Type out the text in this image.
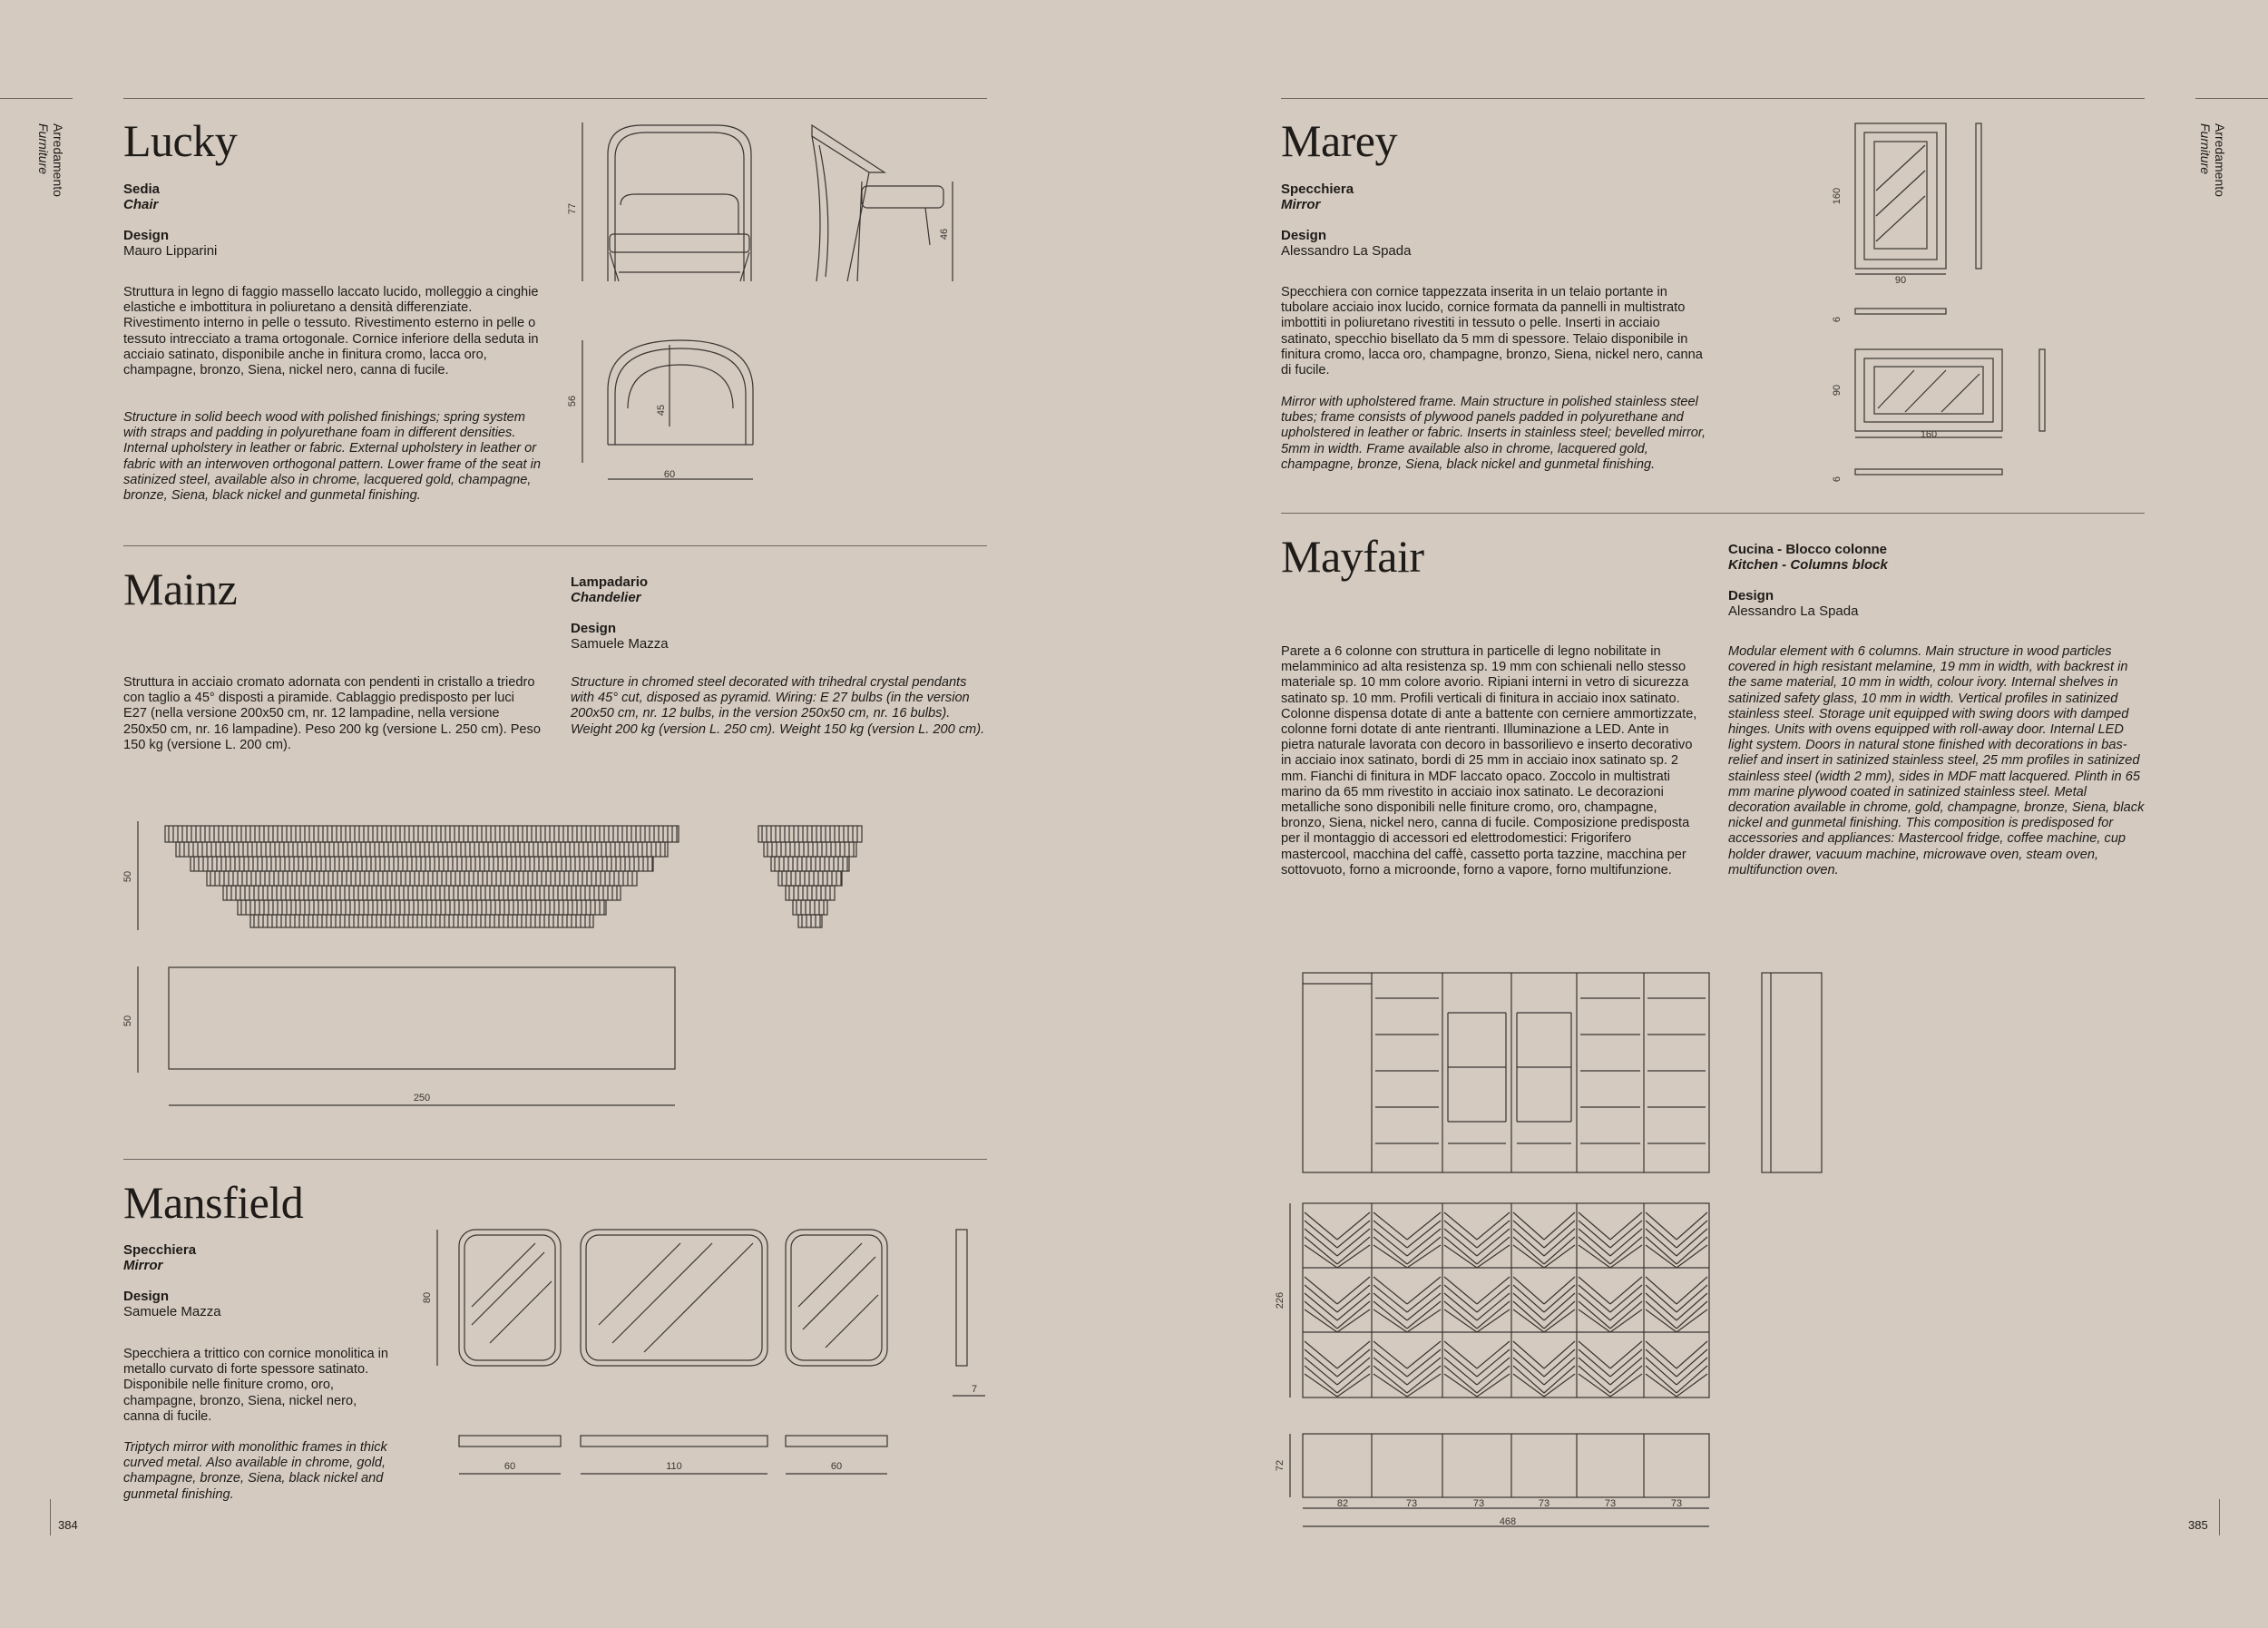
Arredamento
Furniture
384
Arredamento
Furniture
385
Lucky
Sedia
Chair
Design
Mauro Lipparini
Struttura in legno di faggio massello laccato lucido, molleggio a cinghie elastiche e imbottitura in poliuretano a densità differenziate. Rivestimento interno in pelle o tessuto. Rivestimento esterno in pelle o tessuto intrecciato a trama ortogonale. Cornice inferiore della seduta in acciaio satinato, disponibile anche in finitura cromo, lacca oro, champagne, bronzo, Siena, nickel nero, canna di fucile.
Structure in solid beech wood with polished finishings; spring system with straps and padding in polyurethane foam in different densities. Internal upholstery in leather or fabric. External upholstery in leather or fabric with an interwoven orthogonal pattern. Lower frame of the seat in satinized steel, available also in chrome, lacquered gold, champagne, bronze, Siena, black nickel and gunmetal finishing.
77
46
56
45
60
Mainz	Lampadario
Chandelier
Design
Samuele Mazza
Struttura in acciaio cromato adornata con pendenti in cristallo a triedro con taglio a 45° disposti a piramide. Cablaggio predisposto per luci E27 (nella versione 200x50 cm, nr. 12 lampadine, nella versione 250x50 cm, nr. 16 lampadine). Peso 200 kg (versione L. 250 cm). Peso 150 kg (versione L. 200 cm).
Structure in chromed steel decorated with trihedral crystal pendants with 45° cut, disposed as pyramid. Wiring: E 27 bulbs (in the version 200x50 cm, nr. 12 bulbs, in the version 250x50 cm, nr. 16 bulbs). Weight 200 kg (version L. 250 cm). Weight 150 kg (version L. 200 cm).
50
50
250
Mansfield
Specchiera
Mirror
Design
Samuele Mazza
Specchiera a trittico con cornice monolitica in metallo curvato di forte spessore satinato. Disponibile nelle finiture cromo, oro, champagne, bronzo, Siena, nickel nero, canna di fucile.
Triptych mirror with monolithic frames in thick curved metal. Also available in chrome, gold, champagne, bronze, Siena, black nickel and gunmetal finishing.
80
7
60	110	60
Marey
Specchiera
Mirror
Design
Alessandro La Spada
Specchiera con cornice tappezzata inserita in un telaio portante in tubolare acciaio inox lucido, cornice formata da pannelli in multistrato imbottiti in poliuretano rivestiti in tessuto o pelle. Inserti in acciaio satinato, specchio bisellato da 5 mm di spessore. Telaio disponibile in finitura cromo, lacca oro, champagne, bronzo, Siena, nickel nero, canna di fucile.
Mirror with upholstered frame. Main structure in polished stainless steel tubes; frame consists of plywood panels padded in polyurethane and upholstered in leather or fabric. Inserts in stainless steel; bevelled mirror, 5mm in width. Frame available also in chrome, lacquered gold, champagne, bronze, Siena, black nickel and gunmetal finishing.
160
90
6
90
160
6
Mayfair	Cucina - Blocco colonne
Kitchen - Columns block
Design
Alessandro La Spada
Parete a 6 colonne con struttura in particelle di legno nobilitate in melamminico ad alta resistenza sp. 19 mm con schienali nello stesso materiale sp. 10 mm colore avorio. Ripiani interni in vetro di sicurezza satinato sp. 10 mm. Profili verticali di finitura in acciaio inox satinato. Colonne dispensa dotate di ante a battente con cerniere ammortizzate, colonne forni dotate di ante rientranti. Illuminazione a LED. Ante in pietra naturale lavorata con decoro in bassorilievo e inserto decorativo in acciaio inox satinato, bordi di 25 mm in acciaio inox satinato sp. 2 mm. Fianchi di finitura in MDF laccato opaco. Zoccolo in multistrati marino da 65 mm rivestito in acciaio inox satinato. Le decorazioni metalliche sono disponibili nelle finiture cromo, oro, champagne, bronzo, Siena, nickel nero, canna di fucile. Composizione predisposta per il montaggio di accessori ed elettrodomestici: Frigorifero mastercool, macchina del caffè, cassetto porta tazzine, macchina per sottovuoto, forno a microonde, forno a vapore, forno multifunzione.
Modular element with 6 columns. Main structure in wood particles covered in high resistant melamine, 19 mm in width, with backrest in the same material, 10 mm in width, colour ivory. Internal shelves in satinized safety glass, 10 mm in width. Vertical profiles in satinized stainless steel. Storage unit equipped with swing doors with damped hinges. Units with ovens equipped with roll-away door. Internal LED light system. Doors in natural stone finished with decorations in bas-relief and insert in satinized stainless steel, 25 mm profiles in satinized stainless steel (width 2 mm), sides in MDF matt lacquered. Plinth in 65 mm marine plywood coated in satinized stainless steel. Metal decoration available in chrome, gold, champagne, bronze, Siena, black nickel and gunmetal finishing. This composition is predisposed for accessories and appliances: Mastercool fridge, coffee machine, cup holder drawer, vacuum machine, microwave oven, steam oven, multifunction oven.
226
72
82	73	73	73	73	73
468
